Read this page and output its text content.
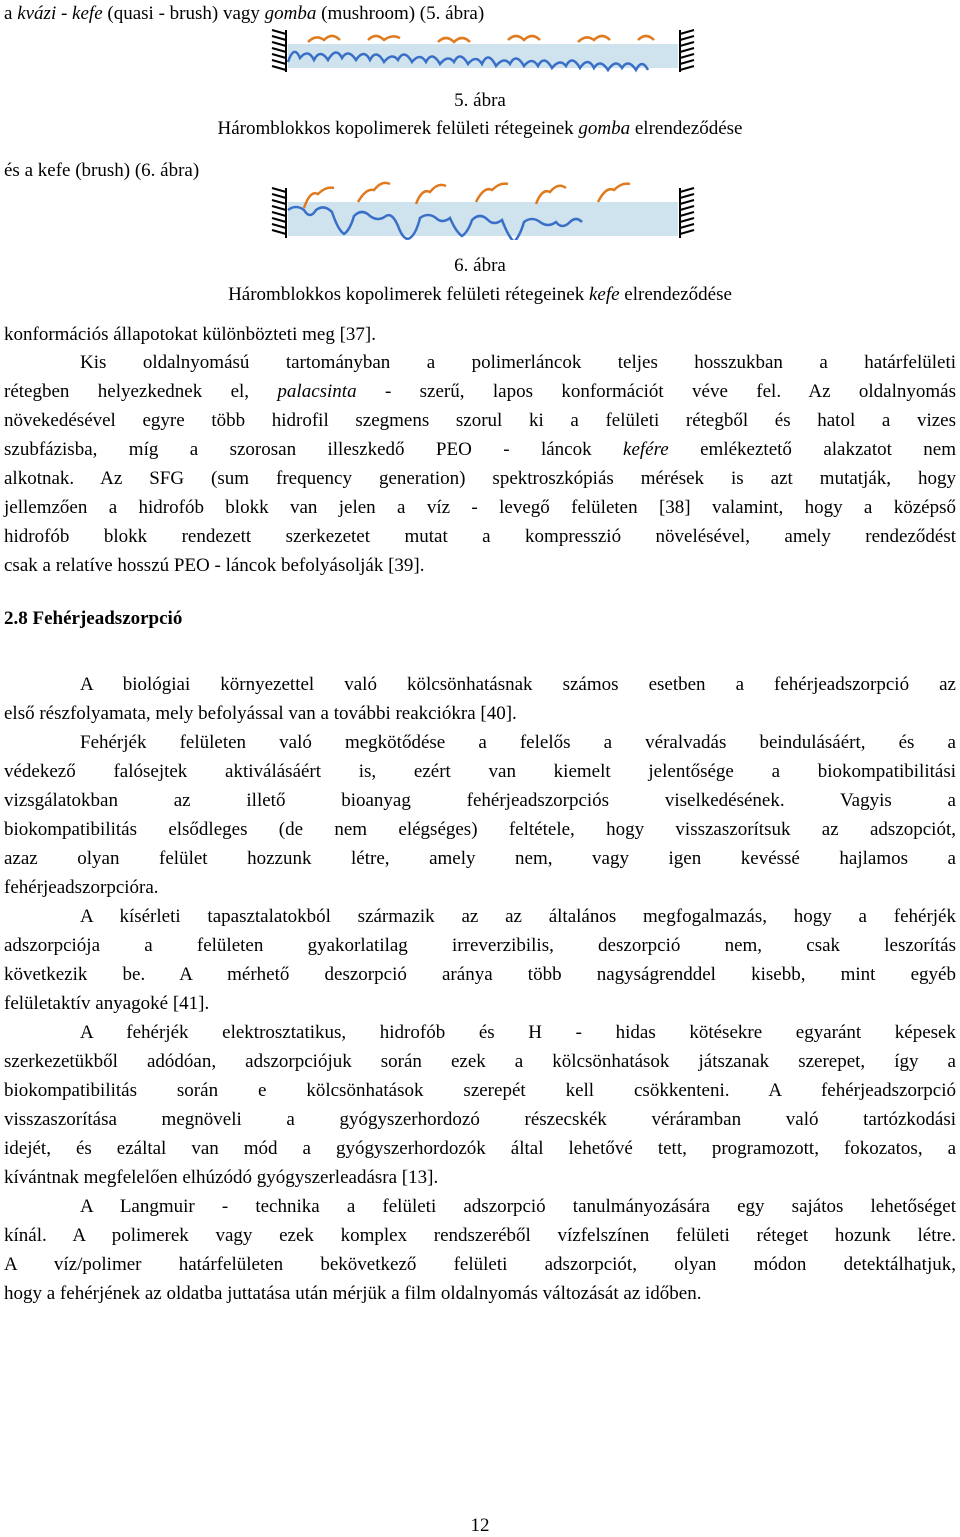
a kvázi - kefe (quasi - brush) vagy gomba (mushroom) (5. ábra)

5. ábra

Háromblokkos kopolimerek felületi rétegeinek gomba elrendeződése

és a kefe (brush) (6. ábra)

6. ábra

Háromblokkos kopolimerek felületi rétegeinek kefe elrendeződése

konformációs állapotokat különbözteti meg [37].

Kis oldalnyomású tartományban a polimerláncok teljes hosszukban a határfelületi

rétegben helyezkednek el, palacsinta - szerű, lapos konformációt véve fel. Az oldalnyomás

növekedésével egyre több hidrofil szegmens szorul ki a felületi rétegből és hatol a vizes

szubfázisba, míg a szorosan illeszkedő PEO - láncok kefére emlékeztető alakzatot nem

alkotnak. Az SFG (sum frequency generation) spektroszkópiás mérések is azt mutatják, hogy

jellemzően a hidrofób blokk van jelen a víz - levegő felületen [38] valamint, hogy a középső

hidrofób blokk rendezett szerkezetet mutat a kompresszió növelésével, amely rendeződést

csak a relatíve hosszú PEO - láncok befolyásolják [39].

2.8 Fehérjeadszorpció

A biológiai környezettel való kölcsönhatásnak számos esetben a fehérjeadszorpció az

első részfolyamata, mely befolyással van a további reakciókra [40].

Fehérjék felületen való megkötődése a felelős a véralvadás beindulásáért, és a

védekező falósejtek aktiválásáért is, ezért van kiemelt jelentősége a biokompatibilitási

vizsgálatokban az illető bioanyag fehérjeadszorpciós viselkedésének. Vagyis a

biokompatibilitás elsődleges (de nem elégséges) feltétele, hogy visszaszorítsuk az adszopciót,

azaz olyan felület hozzunk létre, amely nem, vagy igen kevéssé hajlamos a

fehérjeadszorpcióra.

A kísérleti tapasztalatokból származik az az általános megfogalmazás, hogy a fehérjék

adszorpciója a felületen gyakorlatilag irreverzibilis, deszorpció nem, csak leszorítás

következik be. A mérhető deszorpció aránya több nagyságrenddel kisebb, mint egyéb

felületaktív anyagoké [41].

A fehérjék elektrosztatikus, hidrofób és H - hidas kötésekre egyaránt képesek

szerkezetükből adódóan, adszorpciójuk során ezek a kölcsönhatások játszanak szerepet, így a

biokompatibilitás során e kölcsönhatások szerepét kell csökkenteni. A fehérjeadszorpció

visszaszorítása megnöveli a gyógyszerhordozó részecskék véráramban való tartózkodási

idejét, és ezáltal van mód a gyógyszerhordozók által lehetővé tett, programozott, fokozatos, a

kívántnak megfelelően elhúzódó gyógyszerleadásra [13].

A Langmuir - technika a felületi adszorpció tanulmányozására egy sajátos lehetőséget

kínál. A polimerek vagy ezek komplex rendszeréből vízfelszínen felületi réteget hozunk létre.

A víz/polimer határfelületen bekövetkező felületi adszorpciót, olyan módon detektálhatjuk,

hogy a fehérjének az oldatba juttatása után mérjük a film oldalnyomás változását az időben.

12
